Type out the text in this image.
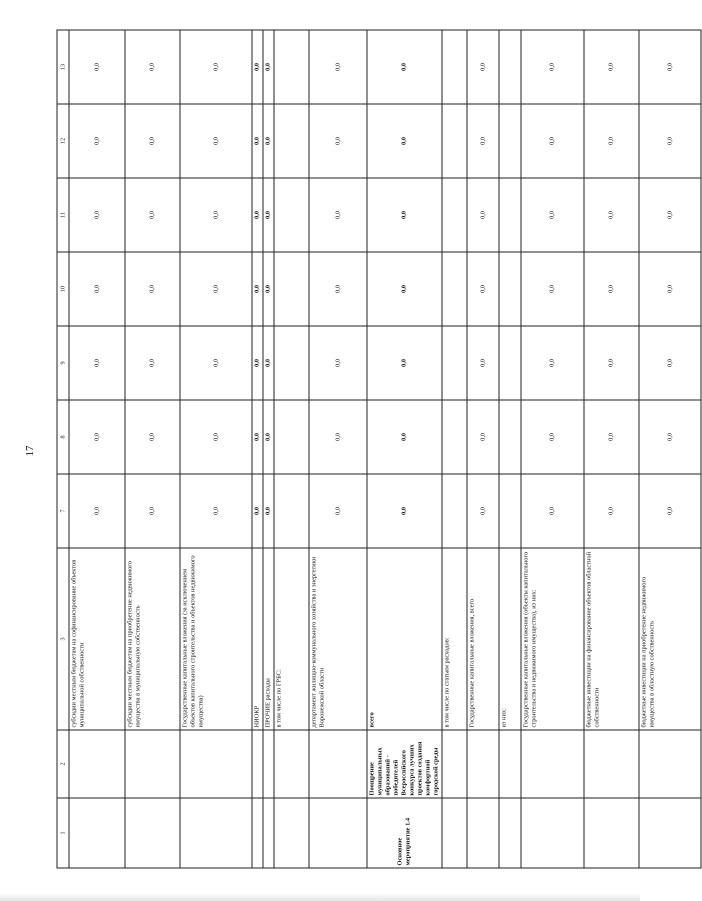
17
1	2	3	7	8	9	10	11	12	13
		субсидии местным бюджетам на софинансирование объектов муниципальной собственности	0,0	0,0	0,0	0,0	0,0	0,0	0,0
		субсидии местным бюджетам на приобретение недвижимого имущества в муниципальную собственность	0,0	0,0	0,0	0,0	0,0	0,0	0,0
		Государственные капитальные вложения (за исключением объектов капитального строительства и объектов недвижимого имущества)	0,0	0,0	0,0	0,0	0,0	0,0	0,0
		НИОКР	0,0	0,0	0,0	0,0	0,0	0,0	0,0
		ПРОЧИЕ расходы	0,0	0,0	0,0	0,0	0,0	0,0	0,0
		в том числе по ГРБС:							
		департамент жилищно-коммунального хозяйства и энергетики Воронежской области	0,0	0,0	0,0	0,0	0,0	0,0	0,0
Основное мероприятие 1.4	Поощрение муниципальных образований - победителей Всероссийского конкурса лучших проектов создания комфортной городской среды	всего	0,0	0,0	0,0	0,0	0,0	0,0	0,0
		в том числе по статьям расходов:							
		Государственные капитальные вложения, всего	0,0	0,0	0,0	0,0	0,0	0,0	0,0
		из них:							
		Государственные капитальные вложения (объекты капитального строительства и недвижимого имущества), из них:	0,0	0,0	0,0	0,0	0,0	0,0	0,0
		бюджетные инвестиции на финансирование объектов областной собственности	0,0	0,0	0,0	0,0	0,0	0,0	0,0
		бюджетные инвестиции на приобретение недвижимого имущества в областную собственность	0,0	0,0	0,0	0,0	0,0	0,0	0,0
